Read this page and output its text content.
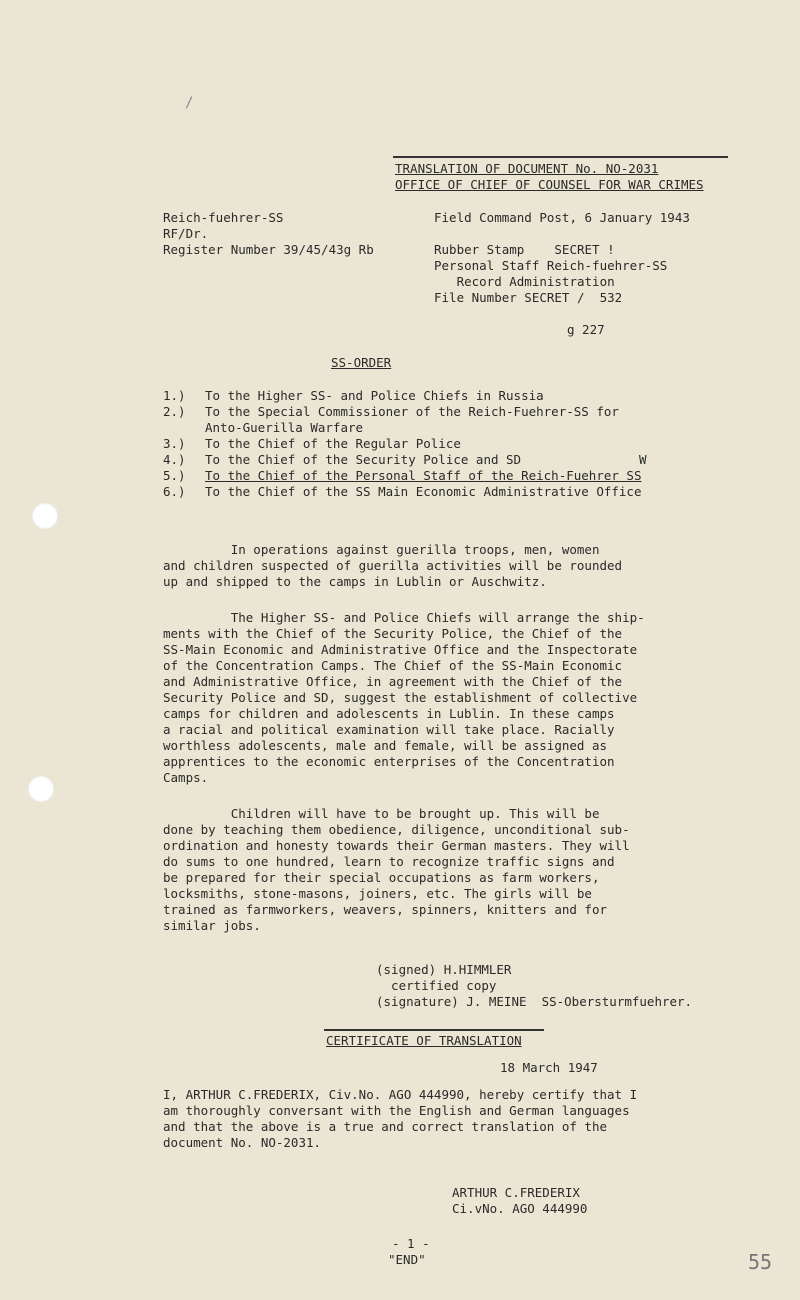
/
TRANSLATION OF DOCUMENT No. NO-2031
OFFICE OF CHIEF OF COUNSEL FOR WAR CRIMES
Reich-fuehrer-SS
RF/Dr.
Register Number 39/45/43g Rb
Field Command Post, 6 January 1943
Rubber Stamp    SECRET !
Personal Staff Reich-fuehrer-SS
Record Administration
File Number SECRET /  532
g 227
SS-ORDER
1.) To the Higher SS- and Police Chiefs in Russia
2.) To the Special Commissioner of the Reich-Fuehrer-SS for
Anto-Guerilla Warfare
3.) To the Chief of the Regular Police
4.) To the Chief of the Security Police and SD	W
5.) To the Chief of the Personal Staff of the Reich-Fuehrer SS
6.) To the Chief of the SS Main Economic Administrative Office
In operations against guerilla troops, men, women
and children suspected of guerilla activities will be rounded
up and shipped to the camps in Lublin or Auschwitz.
The Higher SS- and Police Chiefs will arrange the ship-
ments with the Chief of the Security Police, the Chief of the
SS-Main Economic and Administrative Office and the Inspectorate
of the Concentration Camps. The Chief of the SS-Main Economic
and Administrative Office, in agreement with the Chief of the
Security Police and SD, suggest the establishment of collective
camps for children and adolescents in Lublin. In these camps
a racial and political examination will take place. Racially
worthless adolescents, male and female, will be assigned as
apprentices to the economic enterprises of the Concentration
Camps.
Children will have to be brought up. This will be
done by teaching them obedience, diligence, unconditional sub-
ordination and honesty towards their German masters. They will
do sums to one hundred, learn to recognize traffic signs and
be prepared for their special occupations as farm workers,
locksmiths, stone-masons, joiners, etc. The girls will be
trained as farmworkers, weavers, spinners, knitters and for
similar jobs.
(signed) H.HIMMLER
certified copy
(signature) J. MEINE  SS-Obersturmfuehrer.
CERTIFICATE OF TRANSLATION
18 March 1947
I, ARTHUR C.FREDERIX, Civ.No. AGO 444990, hereby certify that I
am thoroughly conversant with the English and German languages
and that the above is a true and correct translation of the
document No. NO-2031.
ARTHUR C.FREDERIX
Ci.vNo. AGO 444990
- 1 -
"END"	55
